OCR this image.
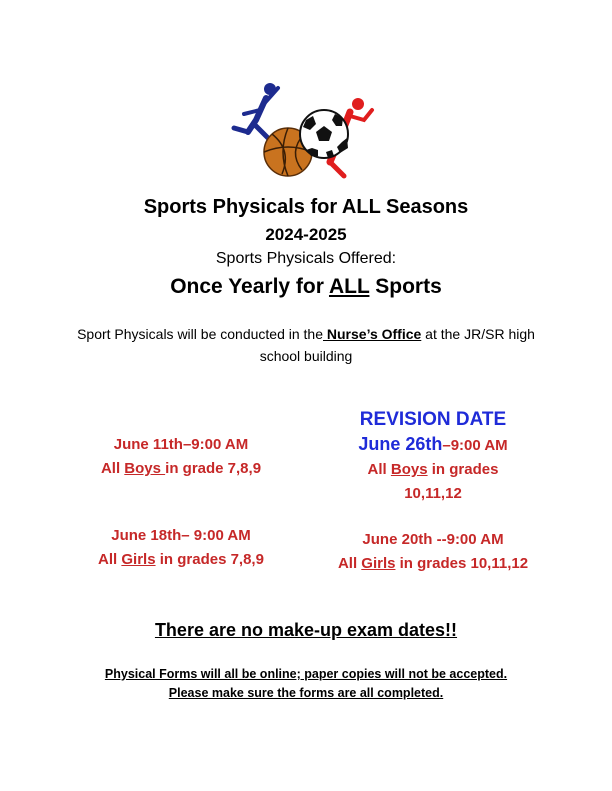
Sports Physicals for ALL Seasons
2024-2025
Sports Physicals Offered:
Once Yearly for ALL Sports
Sport Physicals will be conducted in the Nurse’s Office at the JR/SR high school building
June 11th–9:00 AM
All Boys in grade 7,8,9
June 18th– 9:00 AM
All Girls in grades 7,8,9
REVISION DATE
June 26th–9:00 AM
All Boys in grades
10,11,12
June 20th --9:00 AM
All Girls in grades 10,11,12
There are no make-up exam dates!!
Physical Forms will all be online; paper copies will not be accepted.
Please make sure the forms are all completed.
